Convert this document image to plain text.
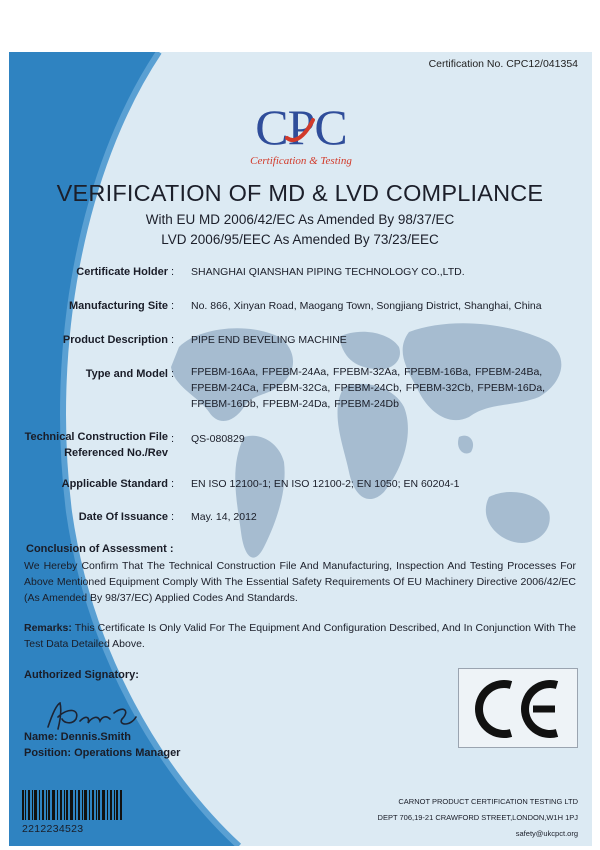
Certification No. CPC12/041354
CPC
Certification & Testing
VERIFICATION OF MD & LVD COMPLIANCE
With EU MD 2006/42/EC As Amended By 98/37/EC
LVD 2006/95/EEC As Amended By 73/23/EEC
Certificate Holder : SHANGHAI QIANSHAN PIPING TECHNOLOGY CO.,LTD.
Manufacturing Site : No. 866, Xinyan Road, Maogang Town, Songjiang District, Shanghai, China
Product Description : PIPE END BEVELING MACHINE
Type and Model : FPEBM-16Aa, FPEBM-24Aa, FPEBM-32Aa, FPEBM-16Ba, FPEBM-24Ba,
FPEBM-24Ca, FPEBM-32Ca, FPEBM-24Cb, FPEBM-32Cb, FPEBM-16Da,
FPEBM-16Db, FPEBM-24Da, FPEBM-24Db
Technical Construction File
Referenced No./Rev
: QS-080829
Applicable Standard : EN ISO 12100-1; EN ISO 12100-2; EN 1050; EN 60204-1
Date Of Issuance : May. 14, 2012
Conclusion of Assessment :
We Hereby Confirm That The Technical Construction File And Manufacturing, Inspection And Testing Processes For Above Mentioned Equipment Comply With The Essential Safety Requirements Of EU Machinery Directive 2006/42/EC (As Amended By 98/37/EC) Applied Codes And Standards.
Remarks: This Certificate Is Only Valid For The Equipment And Configuration Described, And In Conjunction With The Test Data Detailed Above.
Authorized Signatory:
Name: Dennis.Smith
Position: Operations Manager
2212234523
CARNOT PRODUCT CERTIFICATION TESTING LTD
DEPT 706,19-21 CRAWFORD STREET,LONDON,W1H 1PJ
safety@ukcpct.org
